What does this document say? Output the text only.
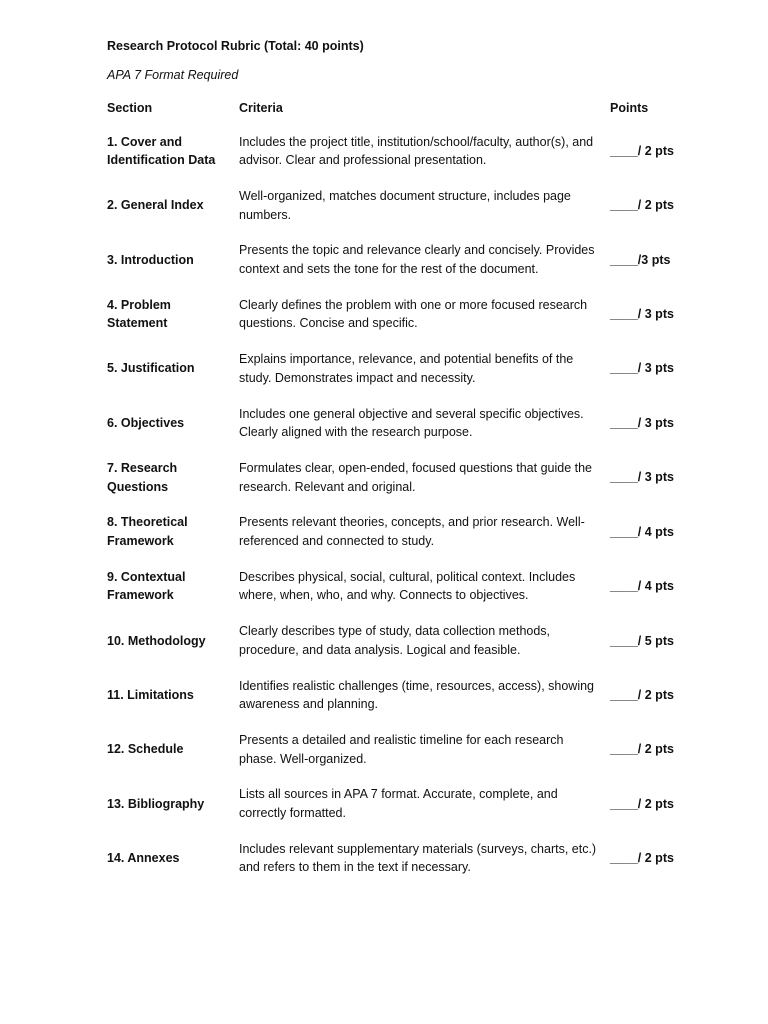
Research Protocol Rubric (Total: 40 points)

APA 7 Format Required

Section	Criteria	Points
1. Cover and Identification Data	Includes the project title, institution/school/faculty, author(s), and advisor. Clear and professional presentation.	____/ 2 pts
2. General Index	Well-organized, matches document structure, includes page numbers.	____/ 2 pts
3. Introduction	Presents the topic and relevance clearly and concisely. Provides context and sets the tone for the rest of the document.	____/3 pts
4. Problem Statement	Clearly defines the problem with one or more focused research questions. Concise and specific.	____/ 3 pts
5. Justification	Explains importance, relevance, and potential benefits of the study. Demonstrates impact and necessity.	____/ 3 pts
6. Objectives	Includes one general objective and several specific objectives. Clearly aligned with the research purpose.	____/ 3 pts
7. Research Questions	Formulates clear, open-ended, focused questions that guide the research. Relevant and original.	____/ 3 pts
8. Theoretical Framework	Presents relevant theories, concepts, and prior research. Well-referenced and connected to study.	____/ 4 pts
9. Contextual Framework	Describes physical, social, cultural, political context. Includes where, when, who, and why. Connects to objectives.	____/ 4 pts
10. Methodology	Clearly describes type of study, data collection methods, procedure, and data analysis. Logical and feasible.	____/ 5 pts
11. Limitations	Identifies realistic challenges (time, resources, access), showing awareness and planning.	____/ 2 pts
12. Schedule	Presents a detailed and realistic timeline for each research phase. Well-organized.	____/ 2 pts
13. Bibliography	Lists all sources in APA 7 format. Accurate, complete, and correctly formatted.	____/ 2 pts
14. Annexes	Includes relevant supplementary materials (surveys, charts, etc.) and refers to them in the text if necessary.	____/ 2 pts
